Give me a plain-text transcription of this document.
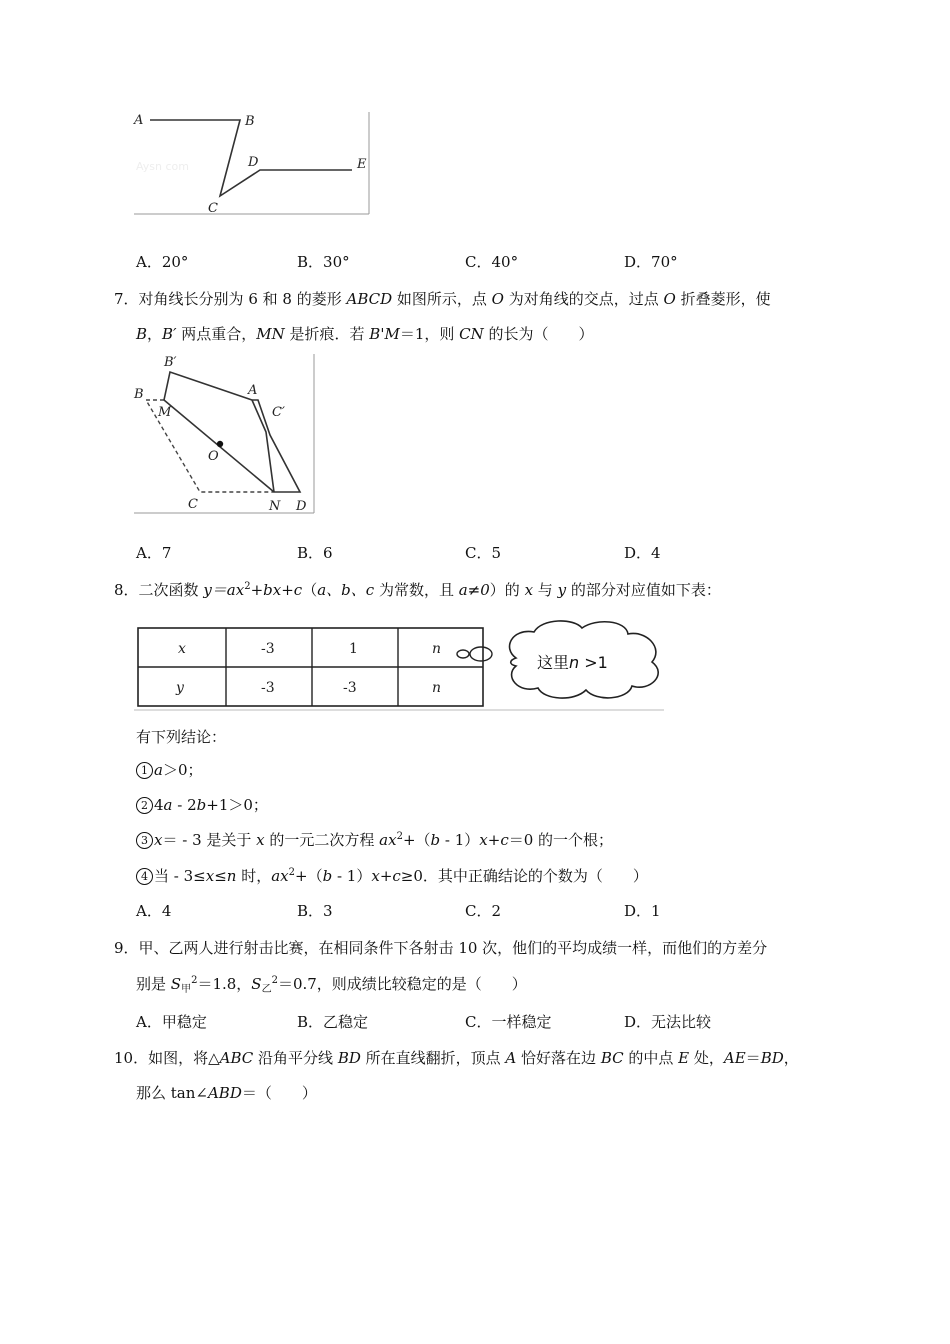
Aysn com
A	B
D	E
C
A．20°	B．30°	C．40°	D．70°
7．对角线长分别为 6 和 8 的菱形 ABCD 如图所示，点 O 为对角线的交点，过点 O 折叠菱形，使
B，B′ 两点重合，MN 是折痕．若 B'M＝1，则 CN 的长为（　　）
B′
B	A
M	C′
O
C	N D
A．7	B．6	C．5	D．4
8．二次函数 $y=ax^2+bx+c(a$、b、c 为常数，且 a≠0）的 x 与 y 的部分对应值如下表：
x	-3	1	n
y	-3	-3	n
这里n >1
有下列结论：
1 a＞0；
2 4a - 2b+1＞0；
3 x＝ - 3 是关于 x 的一元二次方程 $ax^2+(b - 1)x+c=0$ 的一个根；
4 当 - 3≤x≤n 时，$ax^2+(b - 1)x+c\ge 0$．其中正确结论的个数为（　　）
A．4	B．3	C．2	D．1
9．甲、乙两人进行射击比赛，在相同条件下各射击 10 次，他们的平均成绩一样，而他们的方差分
别是 $S_甲^2=1.8$，$S_乙^2=0.7$，则成绩比较稳定的是（　　）
A．甲稳定	B．乙稳定	C．一样稳定	D．无法比较
10．如图，将△ABC 沿角平分线 BD 所在直线翻折，顶点 A 恰好落在边 BC 的中点 E 处，AE＝BD，
那么 tan∠ABD＝（　　）
